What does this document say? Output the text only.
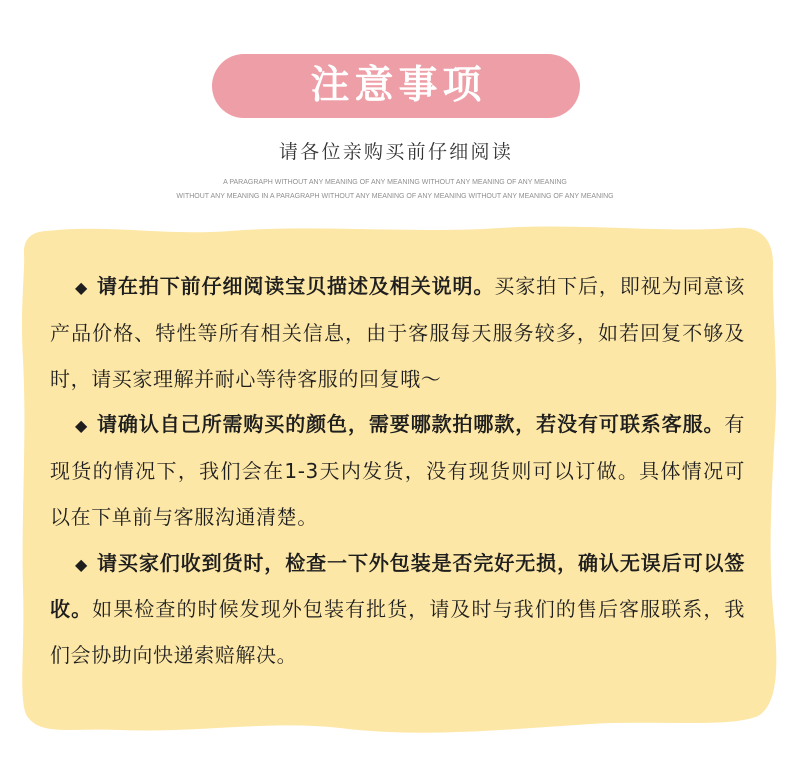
注意事项
请各位亲购买前仔细阅读
A PARAGRAPH WITHOUT ANY MEANING OF ANY MEANING WITHOUT ANY MEANING OF ANY MEANING
WITHOUT ANY MEANING IN A PARAGRAPH WITHOUT ANY MEANING OF ANY MEANING WITHOUT ANY MEANING OF ANY MEANING
◆ 请在拍下前仔细阅读宝贝描述及相关说明。买家拍下后，即视为同意该
产品价格、特性等所有相关信息，由于客服每天服务较多，如若回复不够及
时，请买家理解并耐心等待客服的回复哦～
◆ 请确认自己所需购买的颜色，需要哪款拍哪款，若没有可联系客服。有
现货的情况下，我们会在1-3天内发货，没有现货则可以订做。具体情况可
以在下单前与客服沟通清楚。
◆ 请买家们收到货时，检查一下外包装是否完好无损，确认无误后可以签
收。如果检查的时候发现外包装有批货，请及时与我们的售后客服联系，我
们会协助向快递索赔解决。
